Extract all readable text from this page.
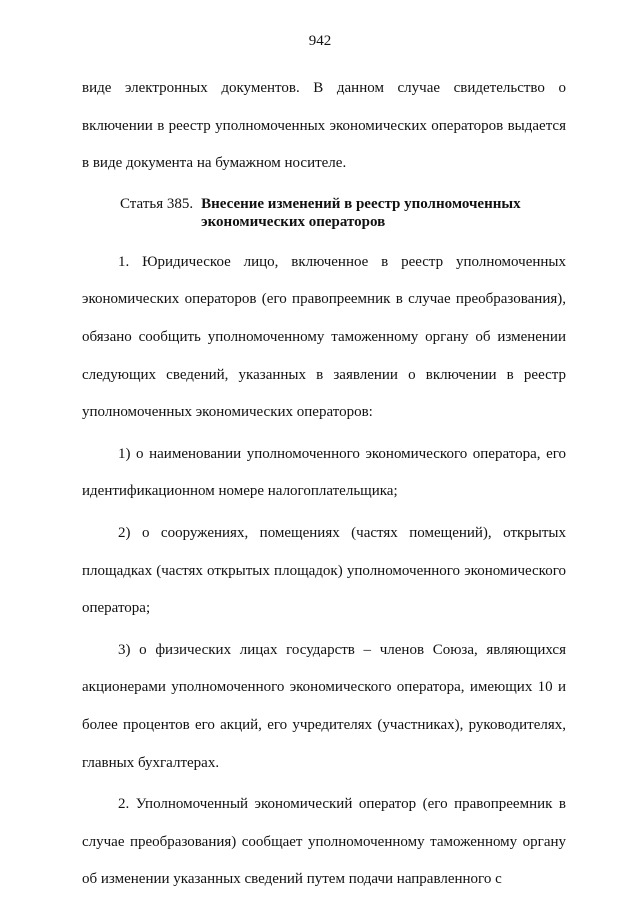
942

виде электронных документов. В данном случае свидетельство о включении в реестр уполномоченных экономических операторов выдается в виде документа на бумажном носителе.

Статья 385. Внесение изменений в реестр уполномоченных экономических операторов

1. Юридическое лицо, включенное в реестр уполномоченных экономических операторов (его правопреемник в случае преобразования), обязано сообщить уполномоченному таможенному органу об изменении следующих сведений, указанных в заявлении о включении в реестр уполномоченных экономических операторов:

1) о наименовании уполномоченного экономического оператора, его идентификационном номере налогоплательщика;

2) о сооружениях, помещениях (частях помещений), открытых площадках (частях открытых площадок) уполномоченного экономического оператора;

3) о физических лицах государств – членов Союза, являющихся акционерами уполномоченного экономического оператора, имеющих 10 и более процентов его акций, его учредителях (участниках), руководителях, главных бухгалтерах.

2. Уполномоченный экономический оператор (его правопреемник в случае преобразования) сообщает уполномоченному таможенному органу об изменении указанных сведений путем подачи направленного с
